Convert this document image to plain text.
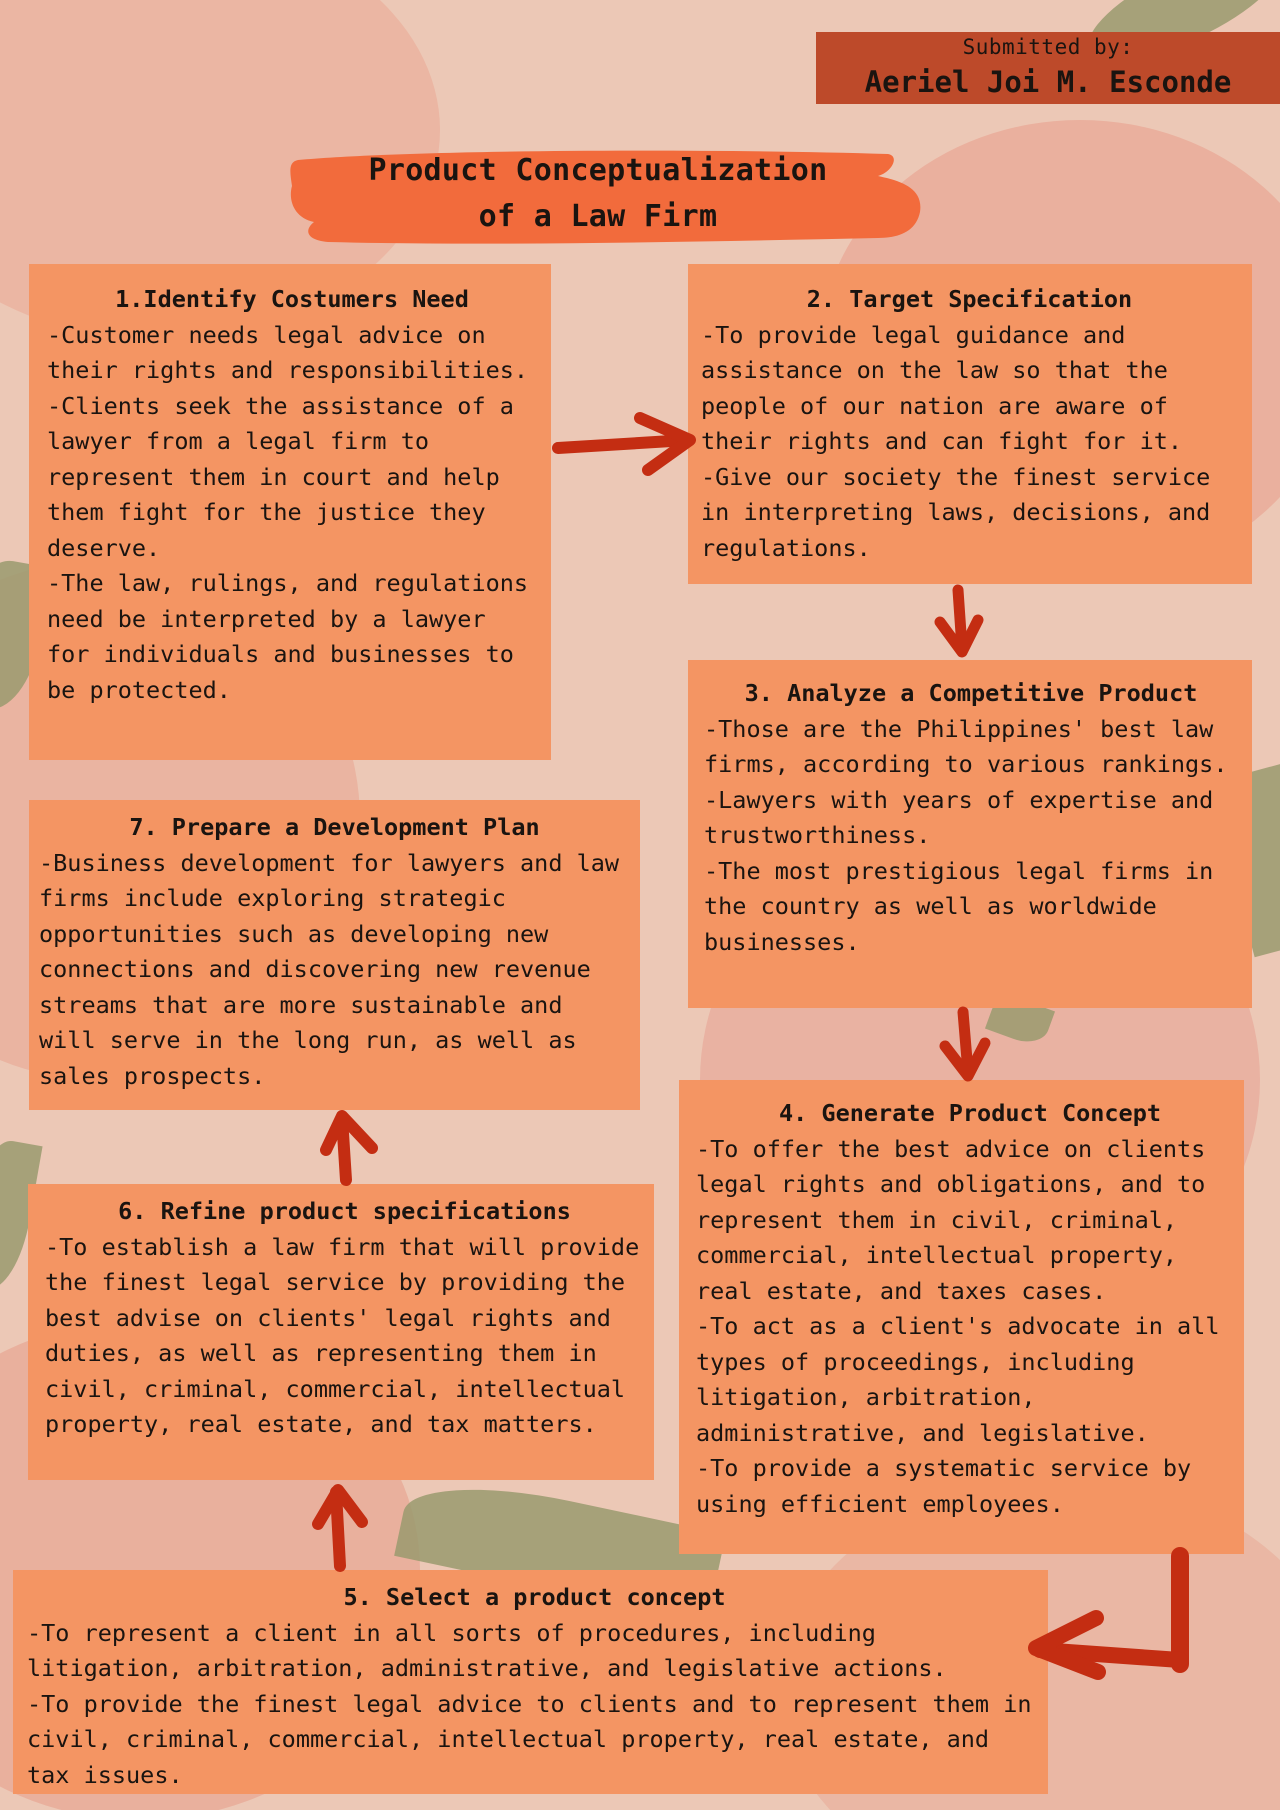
Submitted by:
Aeriel Joi M. Esconde
Product Conceptualization
of a Law Firm
1.Identify Costumers Need

-Customer needs legal advice on their rights and responsibilities.

-Clients seek the assistance of a lawyer from a legal firm to represent them in court and help them fight for the justice they deserve.

-The law, rulings, and regulations need be interpreted by a lawyer for individuals and businesses to be protected.

2. Target Specification

-To provide legal guidance and assistance on the law so that the people of our nation are aware of their rights and can fight for it.

-Give our society the finest service in interpreting laws, decisions, and regulations.

3. Analyze a Competitive Product

-Those are the Philippines' best law firms, according to various rankings.

-Lawyers with years of expertise and trustworthiness.

-The most prestigious legal firms in the country as well as worldwide businesses.

4. Generate Product Concept

-To offer the best advice on clients legal rights and obligations, and to represent them in civil, criminal, commercial, intellectual property, real estate, and taxes cases.

-To act as a client's advocate in all types of proceedings, including litigation, arbitration, administrative, and legislative.

-To provide a systematic service by using efficient employees.

5. Select a product concept

-To represent a client in all sorts of procedures, including litigation, arbitration, administrative, and legislative actions.

-To provide the finest legal advice to clients and to represent them in civil, criminal, commercial, intellectual property, real estate, and tax issues.

6. Refine product specifications

-To establish a law firm that will provide the finest legal service by providing the best advise on clients' legal rights and duties, as well as representing them in civil, criminal, commercial, intellectual property, real estate, and tax matters.

7. Prepare a Development Plan

-Business development for lawyers and law firms include exploring strategic opportunities such as developing new connections and discovering new revenue streams that are more sustainable and will serve in the long run, as well as sales prospects.
